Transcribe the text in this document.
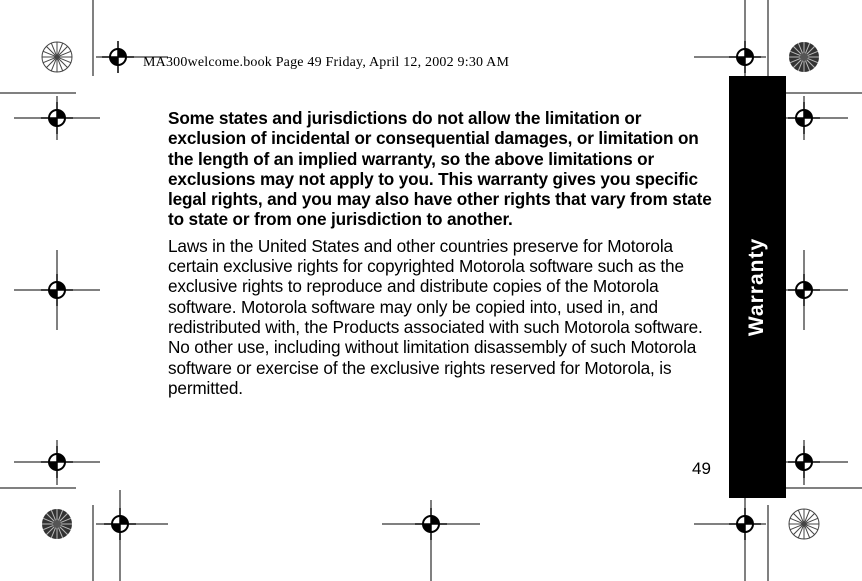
MA300welcome.book Page 49 Friday, April 12, 2002 9:30 AM
Warranty

Some states and jurisdictions do not allow the limitation or exclusion of incidental or consequential damages, or limitation on the length of an implied warranty, so the above limitations or exclusions may not apply to you. This warranty gives you specific legal rights, and you may also have other rights that vary from state to state or from one jurisdiction to another.

Laws in the United States and other countries preserve for Motorola certain exclusive rights for copyrighted Motorola software such as the exclusive rights to reproduce and distribute copies of the Motorola software. Motorola software may only be copied into, used in, and redistributed with, the Products associated with such Motorola software. No other use, including without limitation disassembly of such Motorola software or exercise of the exclusive rights reserved for Motorola, is permitted.

49
